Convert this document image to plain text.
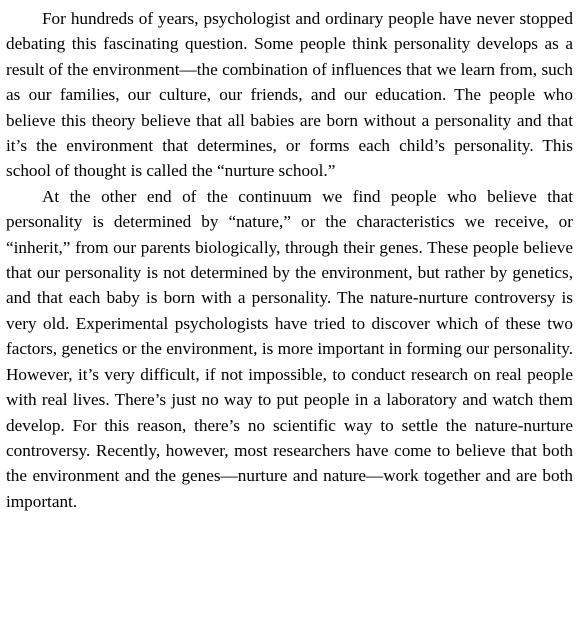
For hundreds of years, psychologist and ordinary people have never stopped debating this fascinating question. Some people think personality develops as a result of the environment—the combination of influences that we learn from, such as our families, our culture, our friends, and our education. The people who believe this theory believe that all babies are born without a personality and that it’s the environment that determines, or forms each child’s personality. This school of thought is called the “nurture school.”

At the other end of the continuum we find people who believe that personality is determined by “nature,” or the characteristics we receive, or “inherit,” from our parents biologically, through their genes. These people believe that our personality is not determined by the environment, but rather by genetics, and that each baby is born with a personality. The nature-nurture controversy is very old. Experimental psychologists have tried to discover which of these two factors, genetics or the environment, is more important in forming our personality. However, it’s very difficult, if not impossible, to conduct research on real people with real lives. There’s just no way to put people in a laboratory and watch them develop. For this reason, there’s no scientific way to settle the nature-nurture controversy. Recently, however, most researchers have come to believe that both the environment and the genes—nurture and nature—work together and are both important.
